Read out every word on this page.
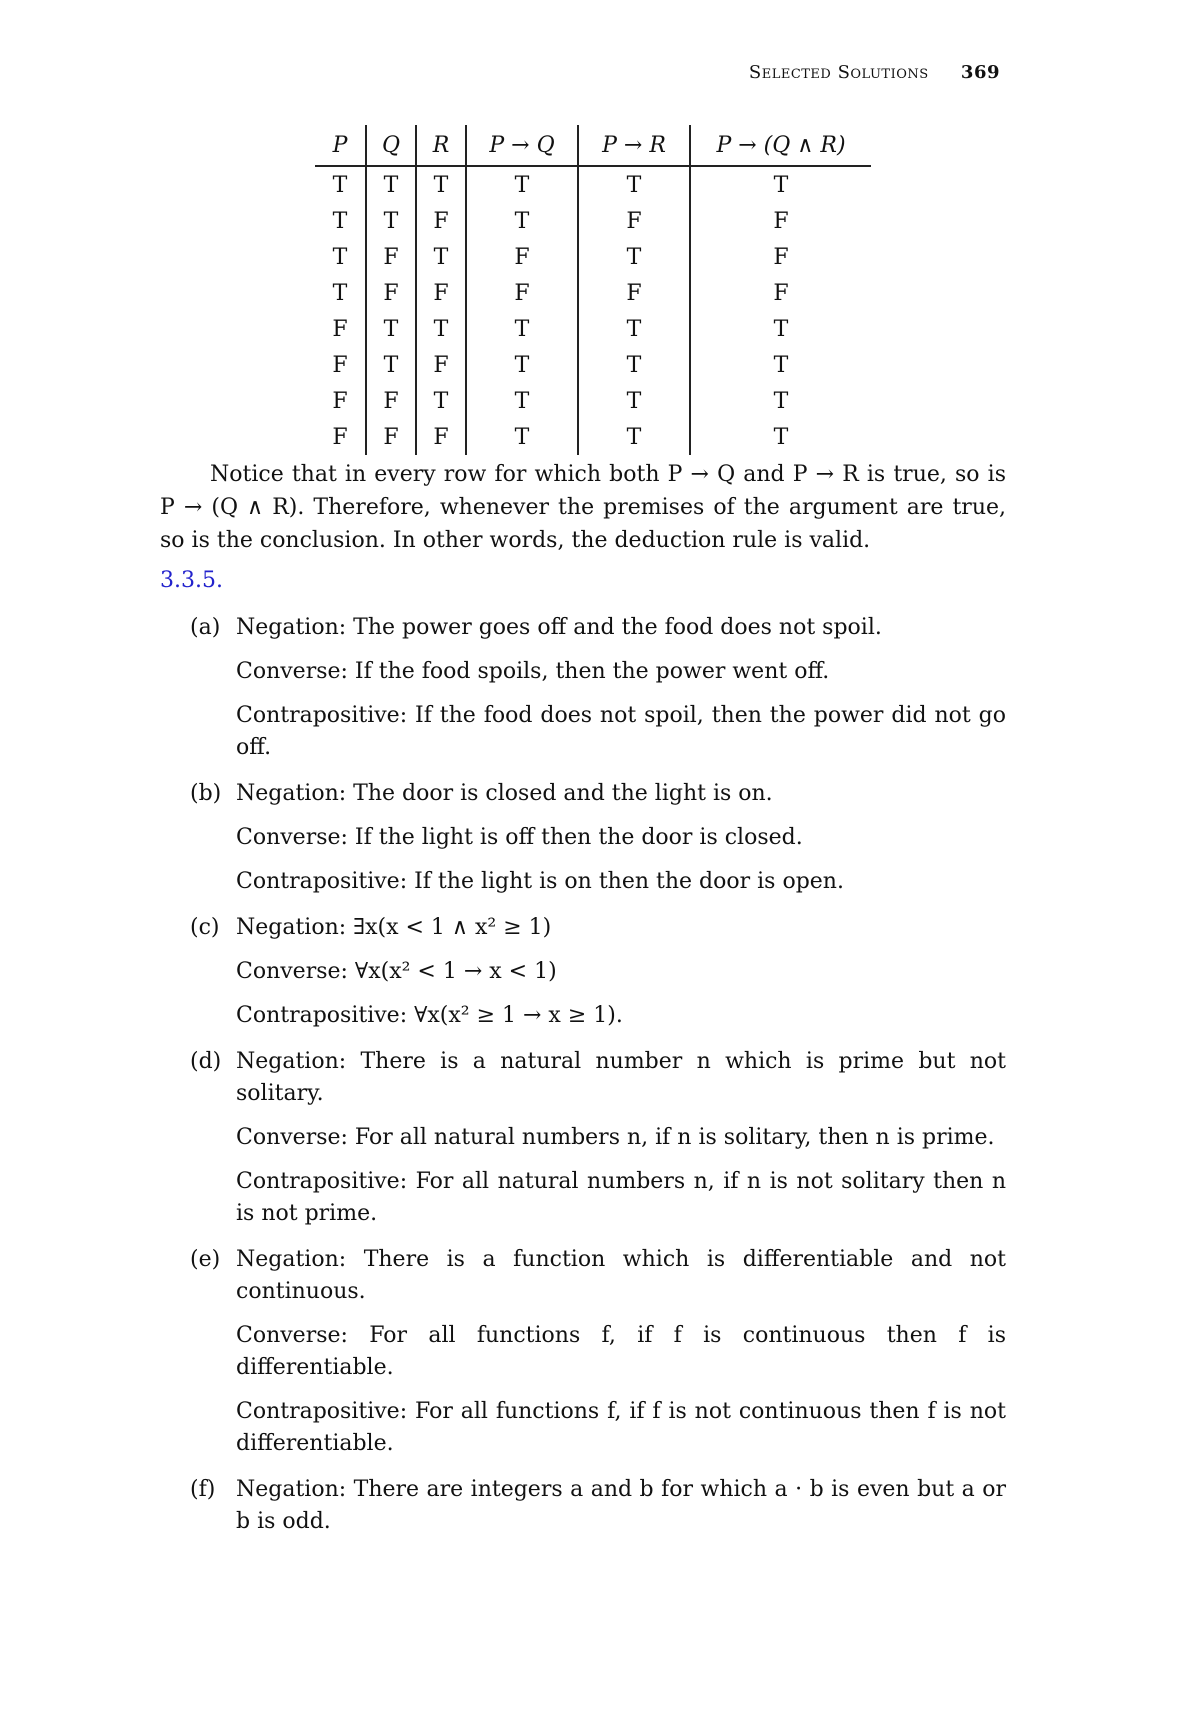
Selected Solutions 369
P	Q	R	P → Q	P → R	P → (Q ∧ R)
T	T	T	T	T	T
T	T	F	T	F	F
T	F	T	F	T	F
T	F	F	F	F	F
F	T	T	T	T	T
F	T	F	T	T	T
F	F	T	T	T	T
F	F	F	T	T	T
Notice that in every row for which both P → Q and P → R is true, so is P → (Q ∧ R). Therefore, whenever the premises of the argument are true, so is the conclusion. In other words, the deduction rule is valid.
3.3.5.
(a) Negation: The power goes off and the food does not spoil.
Converse: If the food spoils, then the power went off.
Contrapositive: If the food does not spoil, then the power did not go off.
(b) Negation: The door is closed and the light is on.
Converse: If the light is off then the door is closed.
Contrapositive: If the light is on then the door is open.
(c) Negation: ∃x(x < 1 ∧ x² ≥ 1)
Converse: ∀x(x² < 1 → x < 1)
Contrapositive: ∀x(x² ≥ 1 → x ≥ 1).
(d) Negation: There is a natural number n which is prime but not solitary.
Converse: For all natural numbers n, if n is solitary, then n is prime.
Contrapositive: For all natural numbers n, if n is not solitary then n is not prime.
(e) Negation: There is a function which is differentiable and not continuous.
Converse: For all functions f, if f is continuous then f is differentiable.
Contrapositive: For all functions f, if f is not continuous then f is not differentiable.
(f) Negation: There are integers a and b for which a · b is even but a or b is odd.
